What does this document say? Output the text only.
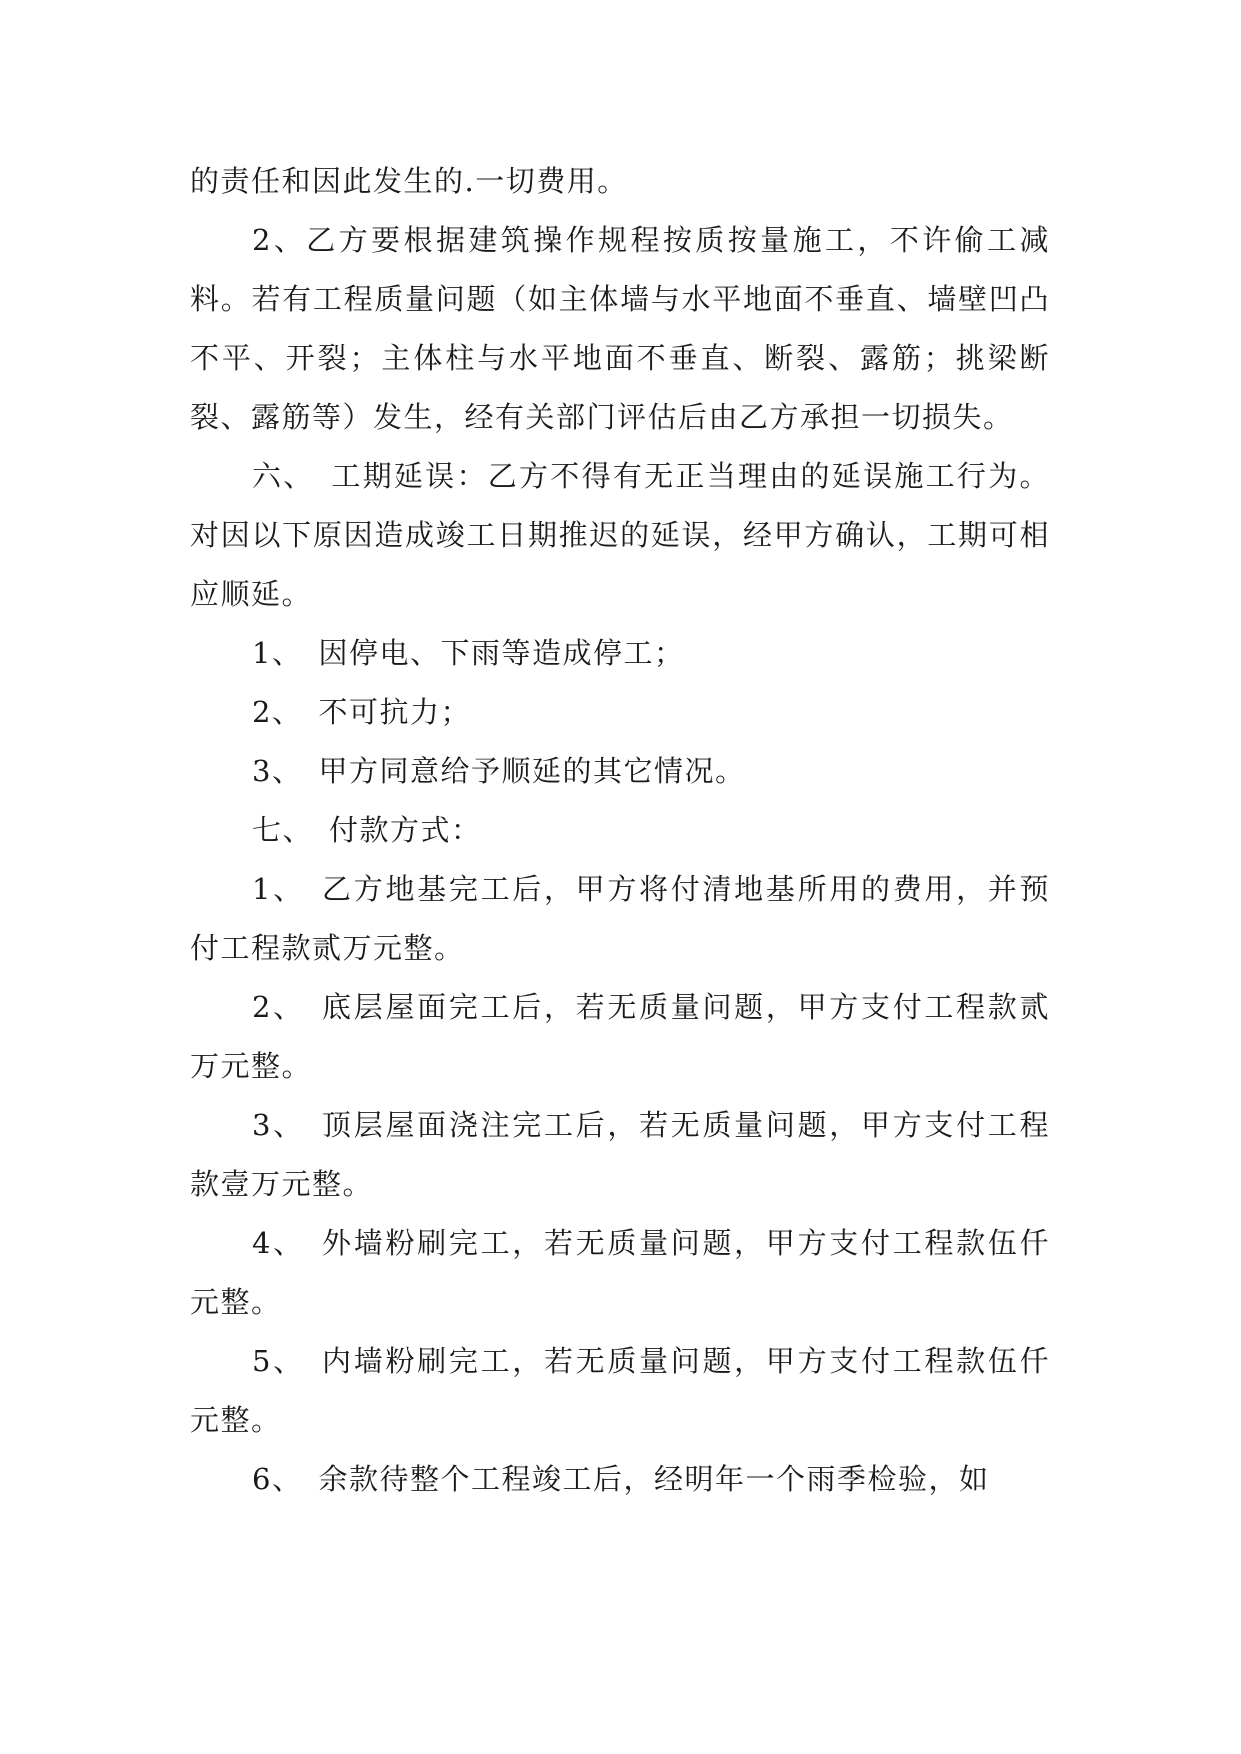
的责任和因此发生的.一切费用。

2、乙方要根据建筑操作规程按质按量施工，不许偷工减料。若有工程质量问题（如主体墙与水平地面不垂直、墙壁凹凸不平、开裂；主体柱与水平地面不垂直、断裂、露筋；挑梁断裂、露筋等）发生，经有关部门评估后由乙方承担一切损失。

六、　工期延误：乙方不得有无正当理由的延误施工行为。对因以下原因造成竣工日期推迟的延误，经甲方确认，工期可相应顺延。

1、　因停电、下雨等造成停工；

2、　不可抗力；

3、　甲方同意给予顺延的其它情况。

七、　付款方式：

1、　乙方地基完工后，甲方将付清地基所用的费用，并预付工程款贰万元整。

2、　底层屋面完工后，若无质量问题，甲方支付工程款贰万元整。

3、　顶层屋面浇注完工后，若无质量问题，甲方支付工程款壹万元整。

4、　外墙粉刷完工，若无质量问题，甲方支付工程款伍仟元整。

5、　内墙粉刷完工，若无质量问题，甲方支付工程款伍仟元整。

6、　余款待整个工程竣工后，经明年一个雨季检验，如
